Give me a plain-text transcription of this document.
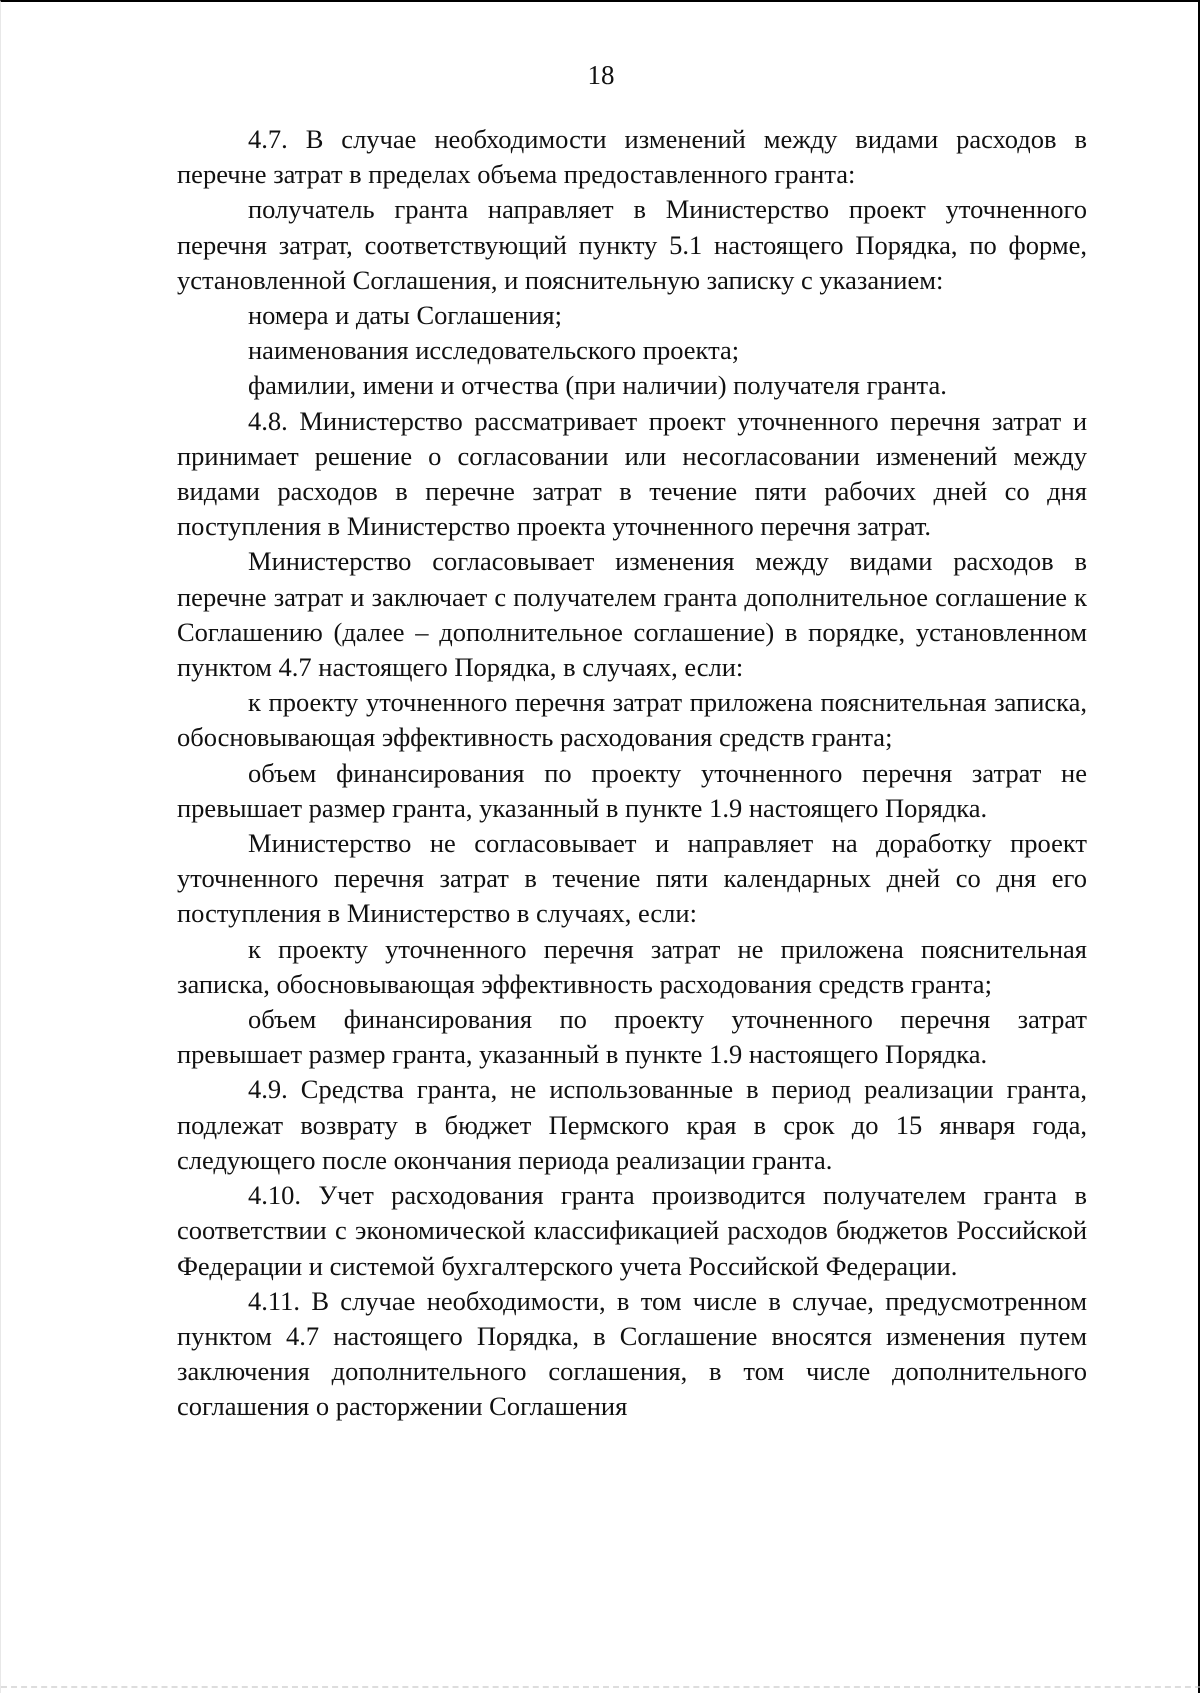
18

4.7. В случае необходимости изменений между видами расходов в перечне затрат в пределах объема предоставленного гранта:

получатель гранта направляет в Министерство проект уточненного перечня затрат, соответствующий пункту 5.1 настоящего Порядка, по форме, установленной Соглашения, и пояснительную записку с указанием:

номера и даты Соглашения;

наименования исследовательского проекта;

фамилии, имени и отчества (при наличии) получателя гранта.

4.8. Министерство рассматривает проект уточненного перечня затрат и принимает решение о согласовании или несогласовании изменений между видами расходов в перечне затрат в течение пяти рабочих дней со дня поступления в Министерство проекта уточненного перечня затрат.

Министерство согласовывает изменения между видами расходов в перечне затрат и заключает с получателем гранта дополнительное соглашение к Соглашению (далее – дополнительное соглашение) в порядке, установленном пунктом 4.7 настоящего Порядка, в случаях, если:

к проекту уточненного перечня затрат приложена пояснительная записка, обосновывающая эффективность расходования средств гранта;

объем финансирования по проекту уточненного перечня затрат не превышает размер гранта, указанный в пункте 1.9 настоящего Порядка.

Министерство не согласовывает и направляет на доработку проект уточненного перечня затрат в течение пяти календарных дней со дня его поступления в Министерство в случаях, если:

к проекту уточненного перечня затрат не приложена пояснительная записка, обосновывающая эффективность расходования средств гранта;

объем финансирования по проекту уточненного перечня затрат превышает размер гранта, указанный в пункте 1.9 настоящего Порядка.

4.9. Средства гранта, не использованные в период реализации гранта, подлежат возврату в бюджет Пермского края в срок до 15 января года, следующего после окончания периода реализации гранта.

4.10. Учет расходования гранта производится получателем гранта в соответствии с экономической классификацией расходов бюджетов Российской Федерации и системой бухгалтерского учета Российской Федерации.

4.11. В случае необходимости, в том числе в случае, предусмотренном пунктом 4.7 настоящего Порядка, в Соглашение вносятся изменения путем заключения дополнительного соглашения, в том числе дополнительного соглашения о расторжении Соглашения
